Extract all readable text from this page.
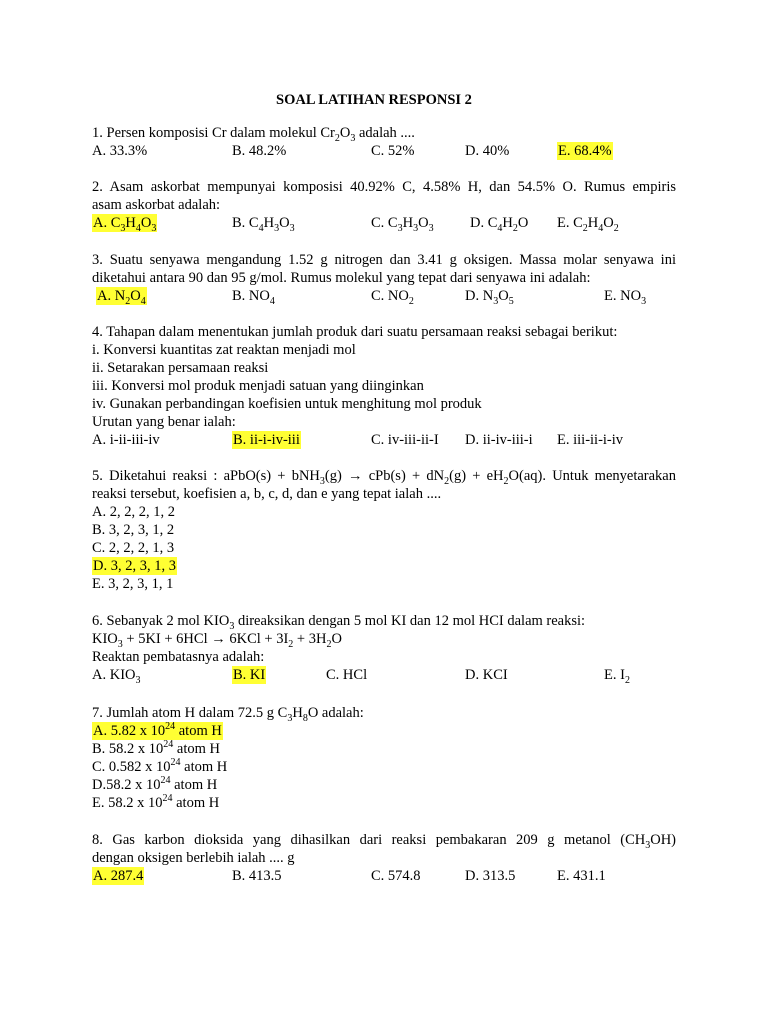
SOAL LATIHAN RESPONSI 2
1. Persen komposisi Cr dalam molekul $Cr_2O_3$ adalah ....
A. 33.3%	B. 48.2%	C. 52%	D. 40%	E. 68.4%
2. Asam askorbat mempunyai komposisi 40.92% C, 4.58% H, dan 54.5% O. Rumus empiris
asam askorbat adalah:
A. $C_3H_4O_3$	B. $C_4H_3O_3$	C. $C_3H_3O_3$	D. $C_4H_2O$ E. $C_2H_4O_2$
3. Suatu senyawa mengandung 1.52 g nitrogen dan 3.41 g oksigen. Massa molar senyawa ini
diketahui antara 90 dan 95 g/mol. Rumus molekul yang tepat dari senyawa ini adalah:
A. $N_2O_4$	B. $NO_4$	C. $NO_2$	D. $N_3O_5$	E. $NO_3$
4. Tahapan dalam menentukan jumlah produk dari suatu persamaan reaksi sebagai berikut:
i. Konversi kuantitas zat reaktan menjadi mol
ii. Setarakan persamaan reaksi
iii. Konversi mol produk menjadi satuan yang diinginkan
iv. Gunakan perbandingan koefisien untuk menghitung mol produk
Urutan yang benar ialah:
A. i-ii-iii-iv	B. ii-i-iv-iii	C. iv-iii-ii-I D. ii-iv-iii-i E. iii-ii-i-iv
5. Diketahui reaksi : aPbO(s) + $bNH_3(g) \to cPb(s) + dN_2(g) + eH_2O(aq)$. Untuk menyetarakan
reaksi tersebut, koefisien a, b, c, d, dan e yang tepat ialah ....
A. 2, 2, 2, 1, 2
B. 3, 2, 3, 1, 2
C. 2, 2, 2, 1, 3
D. 3, 2, 3, 1, 3
E. 3, 2, 3, 1, 1
6. Sebanyak 2 mol $KIO_3$ direaksikan dengan 5 mol KI dan 12 mol HCI dalam reaksi:
$KIO_3 + 5KI + 6HCl \to 6KCl + 3I_2 + 3H_2O$
Reaktan pembatasnya adalah:
A. $KIO_3$	B. KI	C. HCl	D. KCI	E. $I_2$
7. Jumlah atom H dalam 72.5 g $C_3H_8O$ adalah:
A. 5.82 x $10^{24}$ atom H
B. 58.2 x $10^{24}$ atom H
C. 0.582 x $10^{24}$ atom H
D.58.2 x $10^{24}$ atom H
E. 58.2 x $10^{24}$ atom H
8. Gas karbon dioksida yang dihasilkan dari reaksi pembakaran 209 g metanol $(CH_3OH)$
dengan oksigen berlebih ialah .... g
A. 287.4	B. 413.5	C. 574.8	D. 313.5	E. 431.1
